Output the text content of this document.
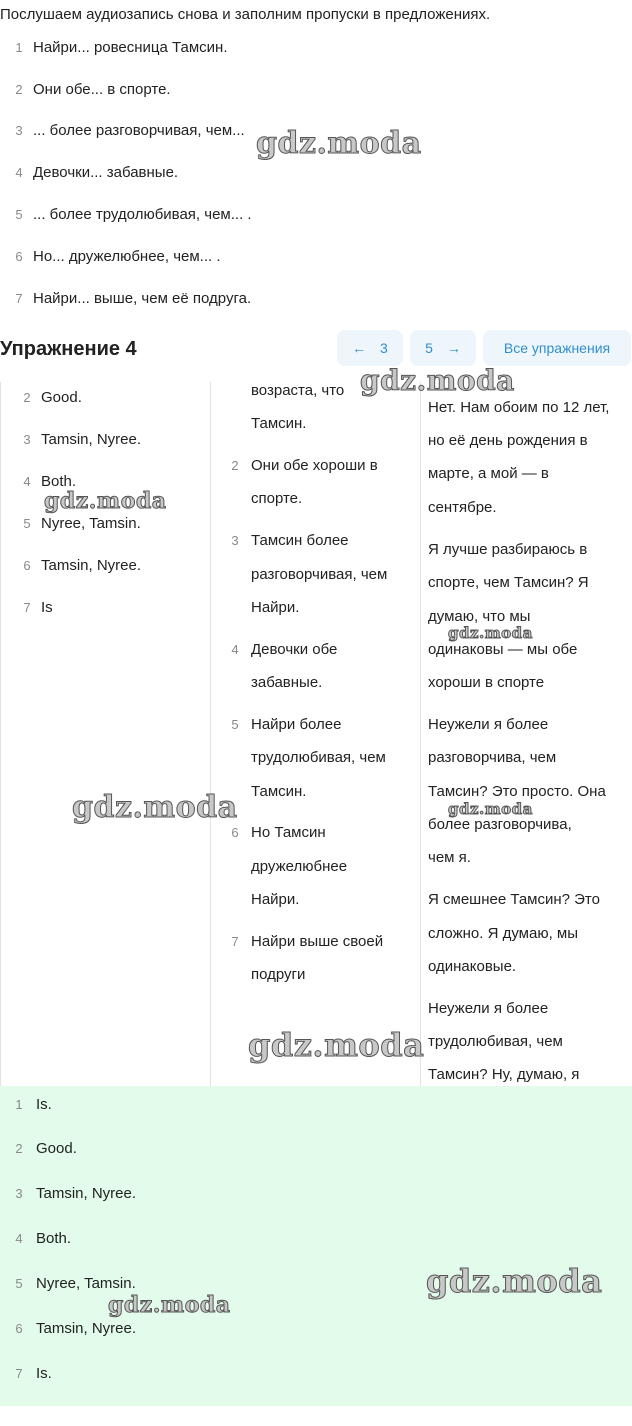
Послушаем аудиозапись снова и заполним пропуски в предложениях.
1 Найри... ровесница Тамсин.
2 Они обе... в спорте.
3 ... более разговорчивая, чем...
4 Девочки... забавные.
5 ... более трудолюбивая, чем... .
6 Но... дружелюбнее, чем... .
7 Найри... выше, чем её подруга.
Упражнение 4	← 3	5 →	Все упражнения
2 Good.
3 Tamsin, Nyree.
4 Both.
5 Nyree, Tamsin.
6 Tamsin, Nyree.
7 Is
возраста, что
Тамсин.
2 Они обе хороши в
спорте.
3 Тамсин более
разговорчивая, чем
Найри.
4 Девочки обе
забавные.
5 Найри более
трудолюбивая, чем
Тамсин.
6 Но Тамсин
дружелюбнее
Найри.
7 Найри выше своей
подруги
Нет. Нам обоим по 12 лет,
но её день рождения в
марте, а мой — в
сентябре.
Я лучше разбираюсь в
спорте, чем Тамсин? Я
думаю, что мы
одинаковы — мы обе
хороши в спорте
Неужели я более
разговорчива, чем
Тамсин? Это просто. Она
более разговорчива,
чем я.
Я смешнее Тамсин? Это
сложно. Я думаю, мы
одинаковые.
Неужели я более
трудолюбивая, чем
Тамсин? Ну, думаю, я
1 Is.
2 Good.
3 Tamsin, Nyree.
4 Both.
5 Nyree, Tamsin.
6 Tamsin, Nyree.
7 Is.
gdz.moda
gdz.moda
gdz.moda
gdz.moda
gdz.moda	gdz.moda
gdz.moda
gdz.moda
gdz.moda
